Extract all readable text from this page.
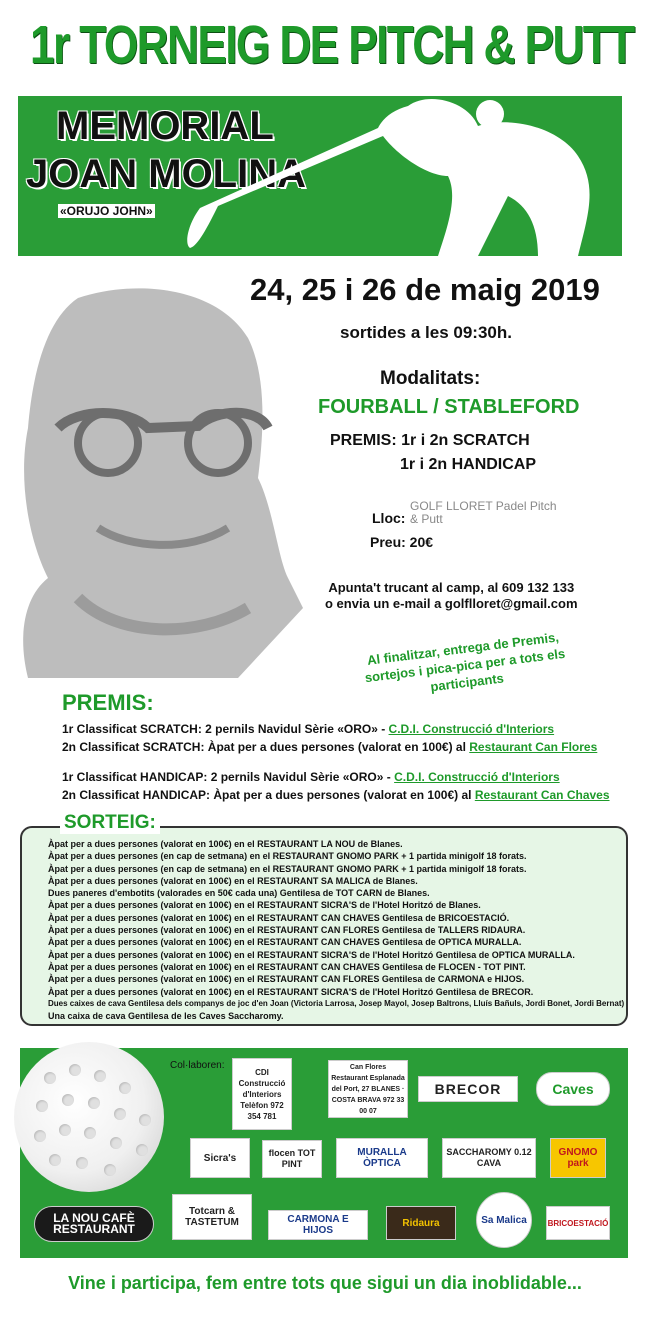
1r TORNEIG DE PITCH & PUTT
MEMORIAL
JOAN MOLINA
«ORUJO JOHN»
24, 25 i 26 de maig 2019
sortides a les 09:30h.
Modalitats:
FOURBALL / STABLEFORD
PREMIS: 1r i 2n SCRATCH
1r i 2n HANDICAP
Lloc:
GOLF LLORET Padel Pitch & Putt
Preu: 20€
Apunta't trucant al camp, al 609 132 133
o envia un e-mail a golflloret@gmail.com
Al finalitzar, entrega de Premis, sortejos i pica-pica per a tots els participants
PREMIS:
1r Classificat SCRATCH: 2 pernils Navidul Sèrie «ORO» - C.D.I. Construcció d'Interiors
2n Classificat SCRATCH: Àpat per a dues persones (valorat en 100€) al Restaurant Can Flores
1r Classificat HANDICAP: 2 pernils Navidul Sèrie «ORO» - C.D.I. Construcció d'Interiors
2n Classificat HANDICAP: Àpat per a dues persones (valorat en 100€) al Restaurant Can Chaves
SORTEIG:
Àpat per a dues persones (valorat en 100€) en el RESTAURANT LA NOU de Blanes.
Àpat per a dues persones (en cap de setmana) en el RESTAURANT GNOMO PARK + 1 partida minigolf 18 forats.
Àpat per a dues persones (en cap de setmana) en el RESTAURANT GNOMO PARK + 1 partida minigolf 18 forats.
Àpat per a dues persones (valorat en 100€) en el RESTAURANT SA MALICA de Blanes.
Dues paneres d'embotits (valorades en 50€ cada una) Gentilesa de TOT CARN de Blanes.
Àpat per a dues persones (valorat en 100€) en el RESTAURANT SICRA'S de l'Hotel Horitzó de Blanes.
Àpat per a dues persones (valorat en 100€) en el RESTAURANT CAN CHAVES Gentilesa de BRICOESTACIÓ.
Àpat per a dues persones (valorat en 100€) en el RESTAURANT CAN FLORES Gentilesa de TALLERS RIDAURA.
Àpat per a dues persones (valorat en 100€) en el RESTAURANT CAN CHAVES Gentilesa de OPTICA MURALLA.
Àpat per a dues persones (valorat en 100€) en el RESTAURANT SICRA'S de l'Hotel Horitzó Gentilesa de OPTICA MURALLA.
Àpat per a dues persones (valorat en 100€) en el RESTAURANT CAN CHAVES Gentilesa de FLOCEN - TOT PINT.
Àpat per a dues persones (valorat en 100€) en el RESTAURANT CAN FLORES Gentilesa de CARMONA e HIJOS.
Àpat per a dues persones (valorat en 100€) en el RESTAURANT SICRA'S de l'Hotel Horitzó Gentilesa de BRECOR.
Dues caixes de cava Gentilesa dels companys de joc d'en Joan (Victoria Larrosa, Josep Mayol, Josep Baltrons, Lluís Bañuls, Jordi Bonet, Jordi Bernat)
Una caixa de cava Gentilesa de les Caves Saccharomy.
Col·laboren:
CDI Construcció d'Interiors Telèfon 972 354 781
Can Flores Restaurant Esplanada del Port, 27 BLANES · COSTA BRAVA 972 33 00 07
BRECOR	Caves
Sicra's	flocen TOT PINT
MURALLA ÒPTICA
SACCHAROMY 0.12 CAVA
GNOMO park
LA NOU CAFÈ RESTAURANT
Totcarn & TASTETUM	CARMONA E HIJOS
Ridaura	Sa Malica	BRICOESTACIÓ
Vine i participa, fem entre tots que sigui un dia inoblidable...
